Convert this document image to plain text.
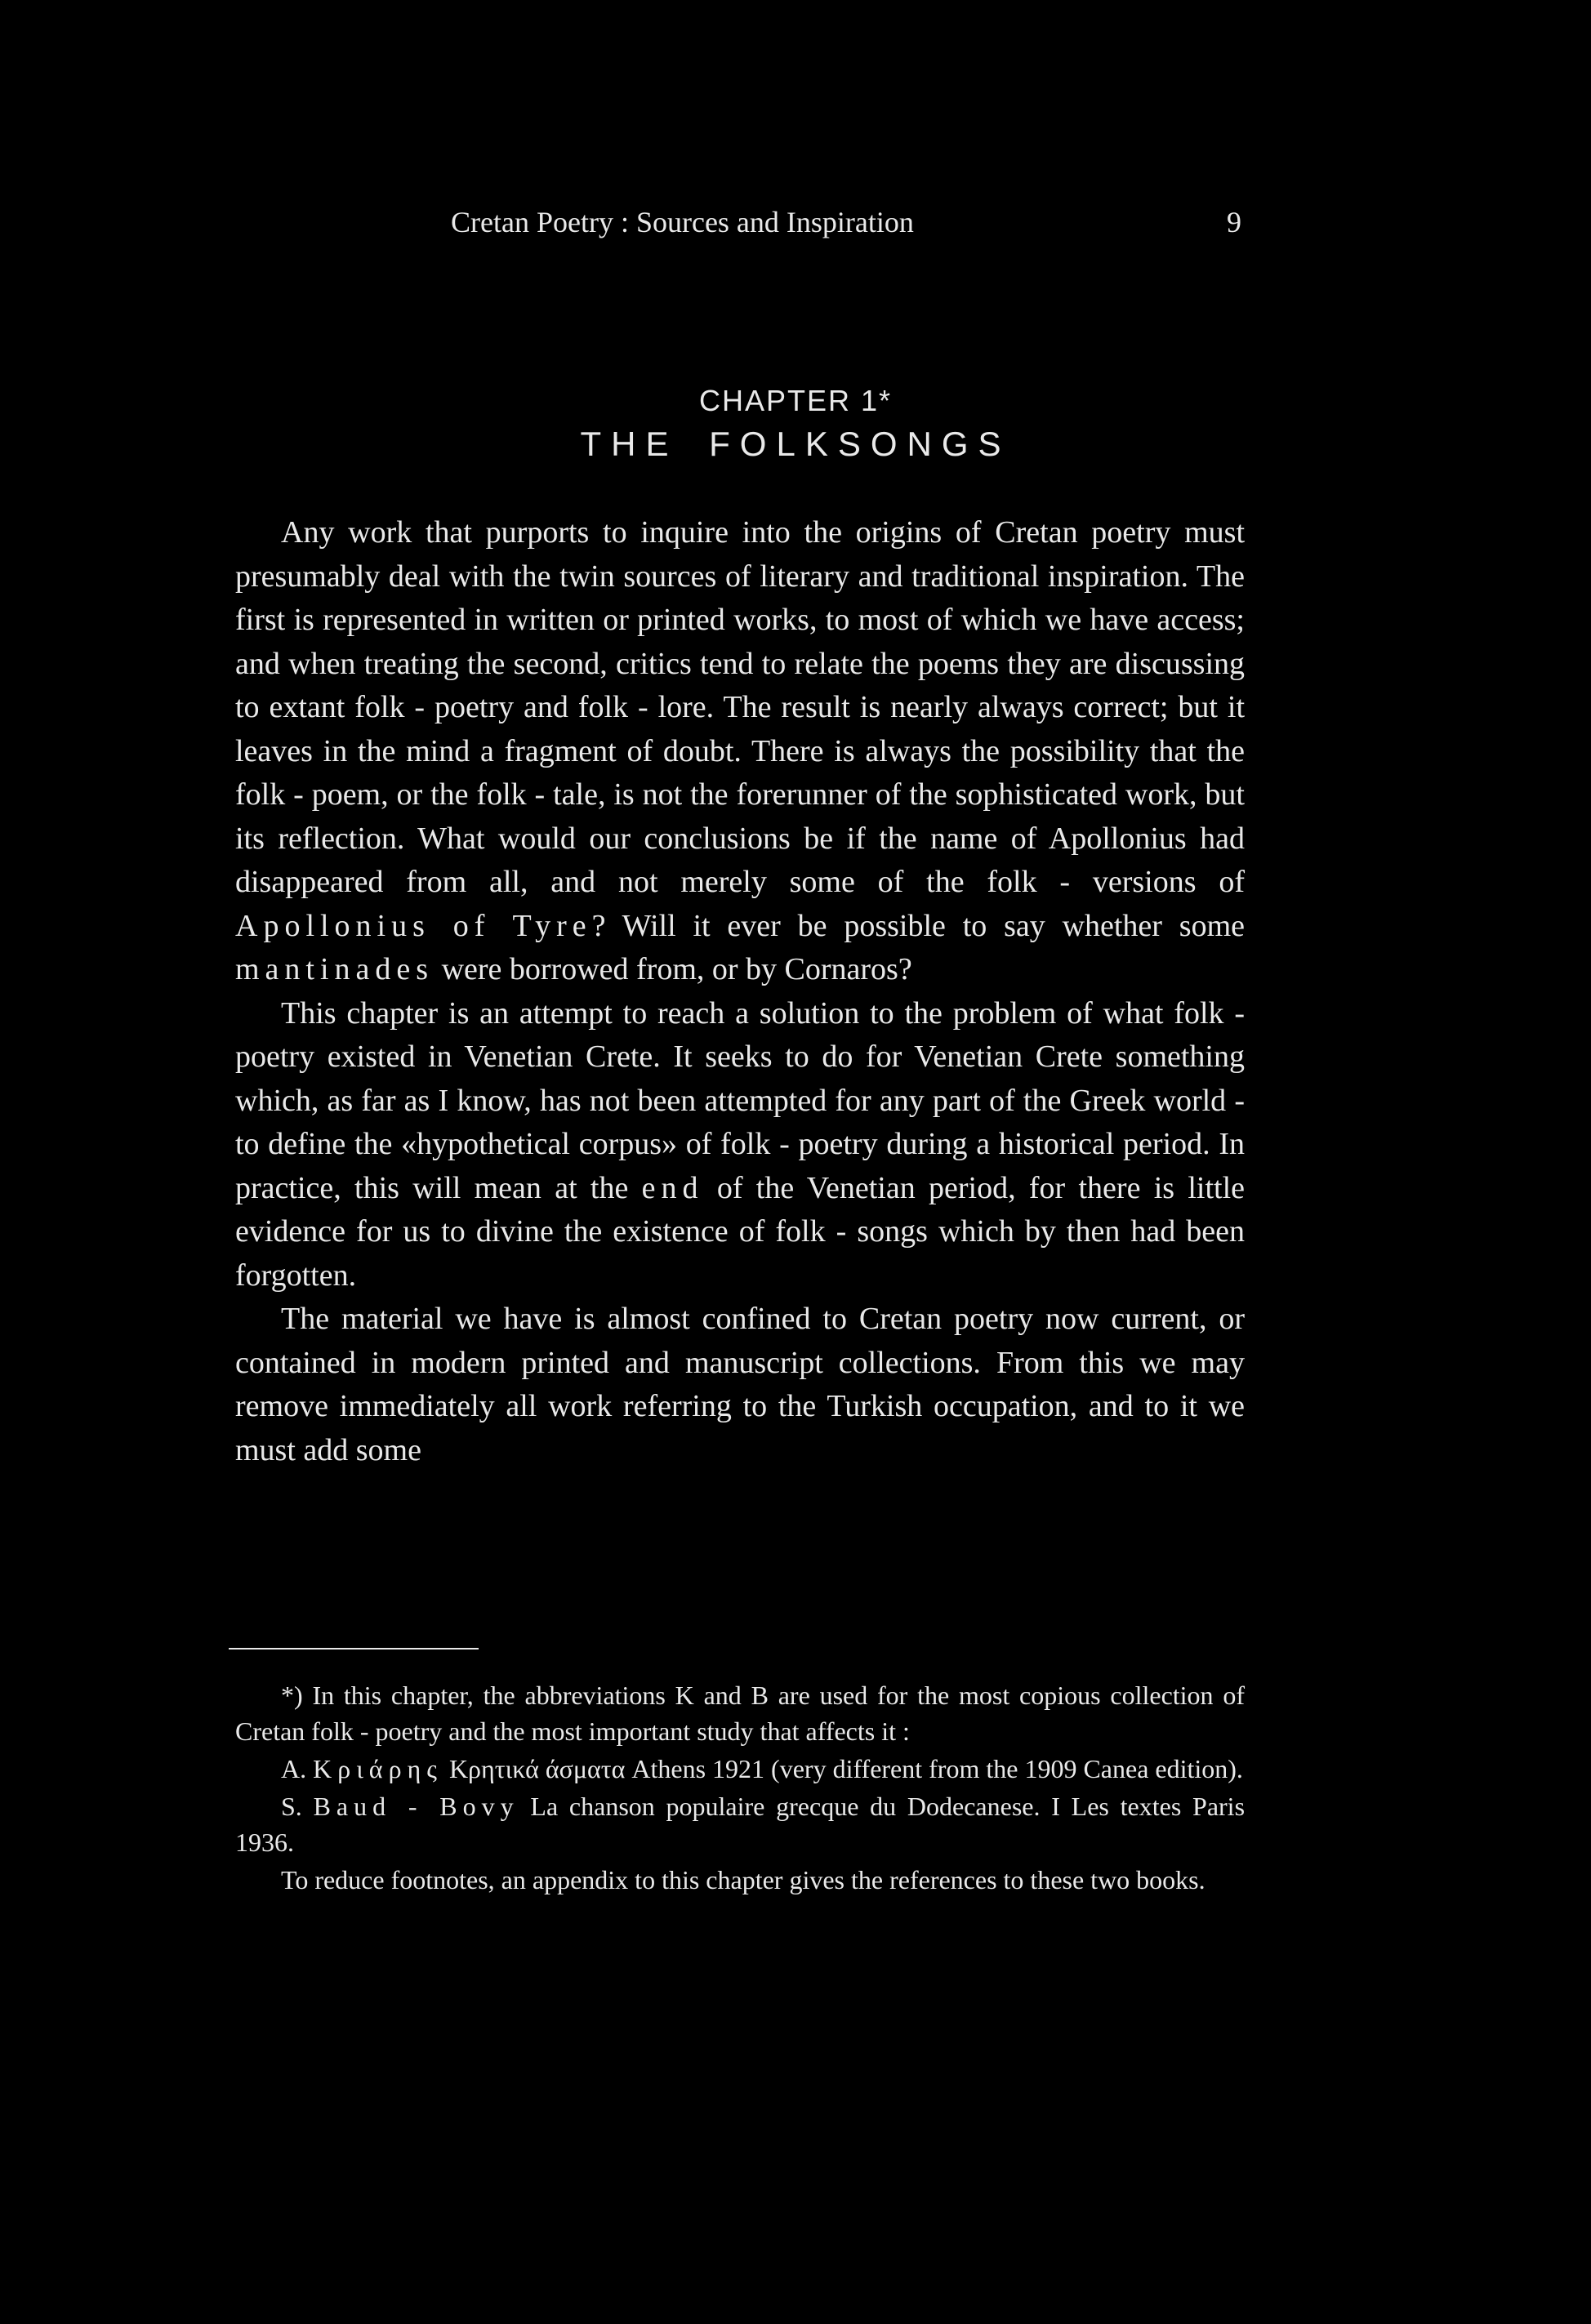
Cretan Poetry : Sources and Inspiration	9
CHAPTER 1*
THE FOLKSONGS

Any work that purports to inquire into the origins of Cretan poetry must presumably deal with the twin sources of literary and traditional inspiration. The first is represented in written or printed works, to most of which we have access; and when treating the second, critics tend to relate the poems they are discussing to extant folk - poetry and folk - lore. The result is nearly always correct; but it leaves in the mind a fragment of doubt. There is always the possibility that the folk - poem, or the folk - tale, is not the forerunner of the sophisticated work, but its reflection. What would our conclusions be if the name of Apollonius had disappeared from all, and not merely some of the folk - versions of Apollonius of Tyre? Will it ever be possible to say whether some mantinades were borrowed from, or by Cornaros?

This chapter is an attempt to reach a solution to the problem of what folk - poetry existed in Venetian Crete. It seeks to do for Venetian Crete something which, as far as I know, has not been attempted for any part of the Greek world - to define the «hypothetical corpus» of folk - poetry during a historical period. In practice, this will mean at the end of the Venetian period, for there is little evidence for us to divine the existence of folk - songs which by then had been forgotten.

The material we have is almost confined to Cretan poetry now current, or contained in modern printed and manuscript collections. From this we may remove immediately all work referring to the Turkish occupation, and to it we must add some

*) In this chapter, the abbreviations K and B are used for the most copious collection of Cretan folk - poetry and the most important study that affects it :

A. Kριάρης Kρητικά άσματα Athens 1921 (very different from the 1909 Canea edition).

S. Baud - Bovy La chanson populaire grecque du Dodecanese. I Les textes Paris 1936.

To reduce footnotes, an appendix to this chapter gives the references to these two books.
